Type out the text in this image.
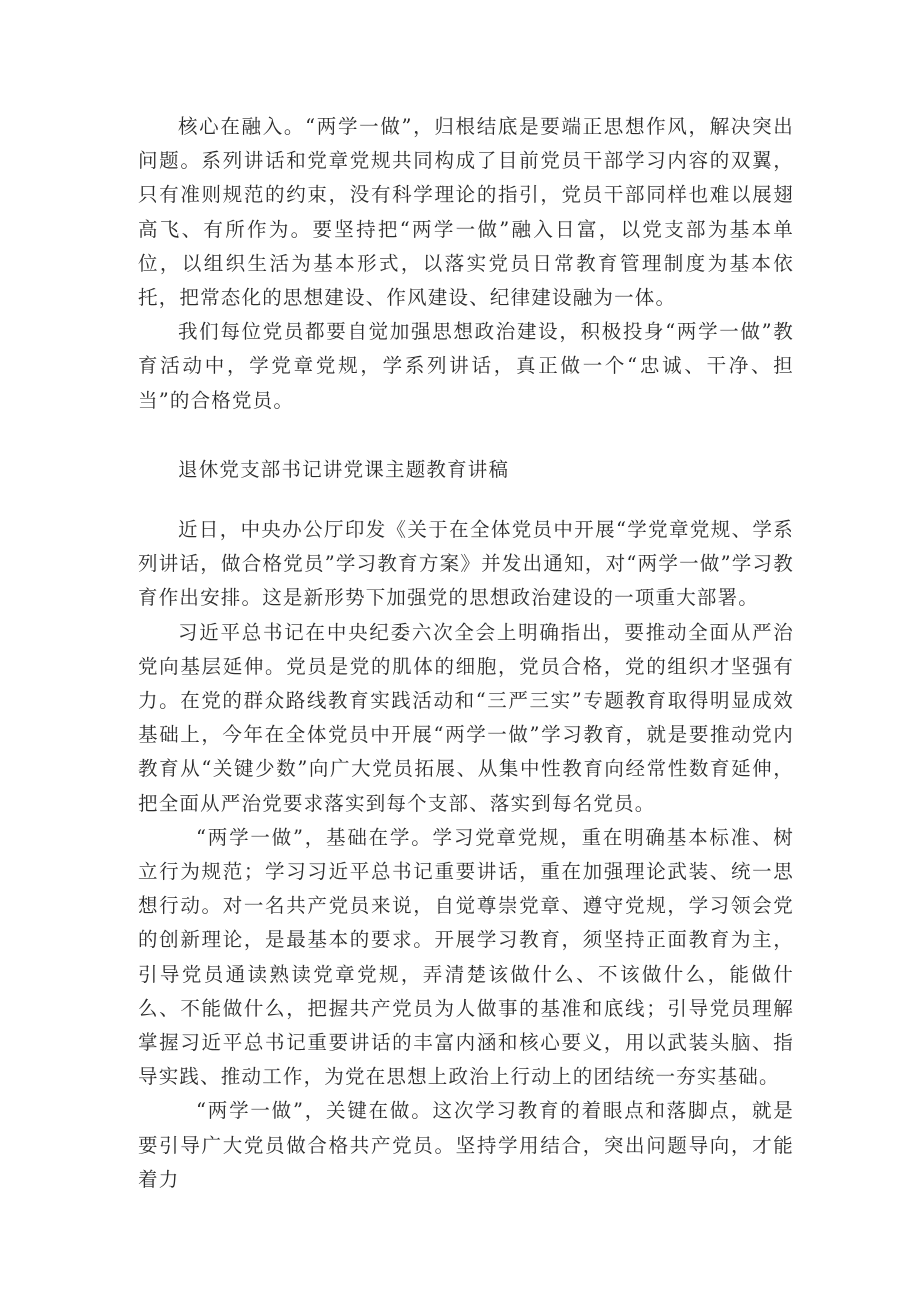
核心在融入。“两学一做”，归根结底是要端正思想作风，解决突出问题。系列讲话和党章党规共同构成了目前党员干部学习内容的双翼，只有准则规范的约束，没有科学理论的指引，党员干部同样也难以展翅高飞、有所作为。要坚持把“两学一做”融入日富，以党支部为基本单位，以组织生活为基本形式，以落实党员日常教育管理制度为基本依托，把常态化的思想建设、作风建设、纪律建设融为一体。

我们每位党员都要自觉加强思想政治建设，积极投身“两学一做”教育活动中，学党章党规，学系列讲话，真正做一个“忠诚、干净、担当”的合格党员。

退休党支部书记讲党课主题教育讲稿

近日，中央办公厅印发《关于在全体党员中开展“学党章党规、学系列讲话，做合格党员”学习教育方案》并发出通知，对“两学一做”学习教育作出安排。这是新形势下加强党的思想政治建设的一项重大部署。

习近平总书记在中央纪委六次全会上明确指出，要推动全面从严治党向基层延伸。党员是党的肌体的细胞，党员合格，党的组织才坚强有力。在党的群众路线教育实践活动和“三严三实”专题教育取得明显成效基础上，今年在全体党员中开展“两学一做”学习教育，就是要推动党内教育从“关键少数”向广大党员拓展、从集中性教育向经常性数育延伸，把全面从严治党要求落实到每个支部、落实到每名党员。

“两学一做”，基础在学。学习党章党规，重在明确基本标准、树立行为规范；学习习近平总书记重要讲话，重在加强理论武装、统一思想行动。对一名共产党员来说，自觉尊崇党章、遵守党规，学习领会党的创新理论，是最基本的要求。开展学习教育，须坚持正面教育为主，引导党员通读熟读党章党规，弄清楚该做什么、不该做什么，能做什么、不能做什么，把握共产党员为人做事的基准和底线；引导党员理解掌握习近平总书记重要讲话的丰富内涵和核心要义，用以武装头脑、指导实践、推动工作，为党在思想上政治上行动上的团结统一夯实基础。

“两学一做”，关键在做。这次学习教育的着眼点和落脚点，就是要引导广大党员做合格共产党员。坚持学用结合，突出问题导向，才能着力
